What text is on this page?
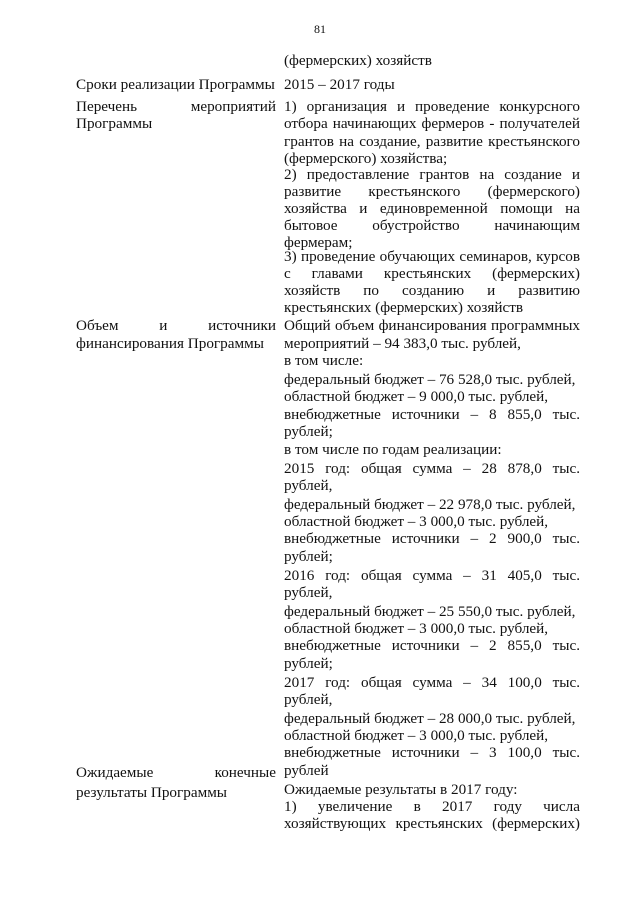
81
Сроки реализации Программы
Перечень мероприятий
Программы
Объем и источники
финансирования Программы
Ожидаемые конечные
результаты Программы
(фермерских) хозяйств
2015 – 2017 годы
1) организация и проведение конкурсного
отбора начинающих фермеров - получателей
грантов на создание, развитие крестьянского
(фермерского) хозяйства;
2) предоставление грантов на создание и
развитие крестьянского (фермерского)
хозяйства и единовременной помощи на
бытовое обустройство начинающим
фермерам;
3) проведение обучающих семинаров, курсов
с главами крестьянских (фермерских)
хозяйств по созданию и развитию
крестьянских (фермерских) хозяйств
Общий объем финансирования программных
мероприятий – 94 383,0 тыс. рублей,
в том числе:
федеральный бюджет – 76 528,0 тыс. рублей,
областной бюджет – 9 000,0 тыс. рублей,
внебюджетные источники – 8 855,0 тыс.
рублей;
в том числе по годам реализации:
2015 год: общая сумма – 28 878,0 тыс.
рублей,
федеральный бюджет – 22 978,0 тыс. рублей,
областной бюджет – 3 000,0 тыс. рублей,
внебюджетные источники – 2 900,0 тыс.
рублей;
2016 год: общая сумма – 31 405,0 тыс.
рублей,
федеральный бюджет – 25 550,0 тыс. рублей,
областной бюджет – 3 000,0 тыс. рублей,
внебюджетные источники – 2 855,0 тыс.
рублей;
2017 год: общая сумма – 34 100,0 тыс.
рублей,
федеральный бюджет – 28 000,0 тыс. рублей,
областной бюджет – 3 000,0 тыс. рублей,
внебюджетные источники – 3 100,0 тыс.
рублей
Ожидаемые результаты в 2017 году:
1) увеличение в 2017 году числа
хозяйствующих крестьянских (фермерских)
